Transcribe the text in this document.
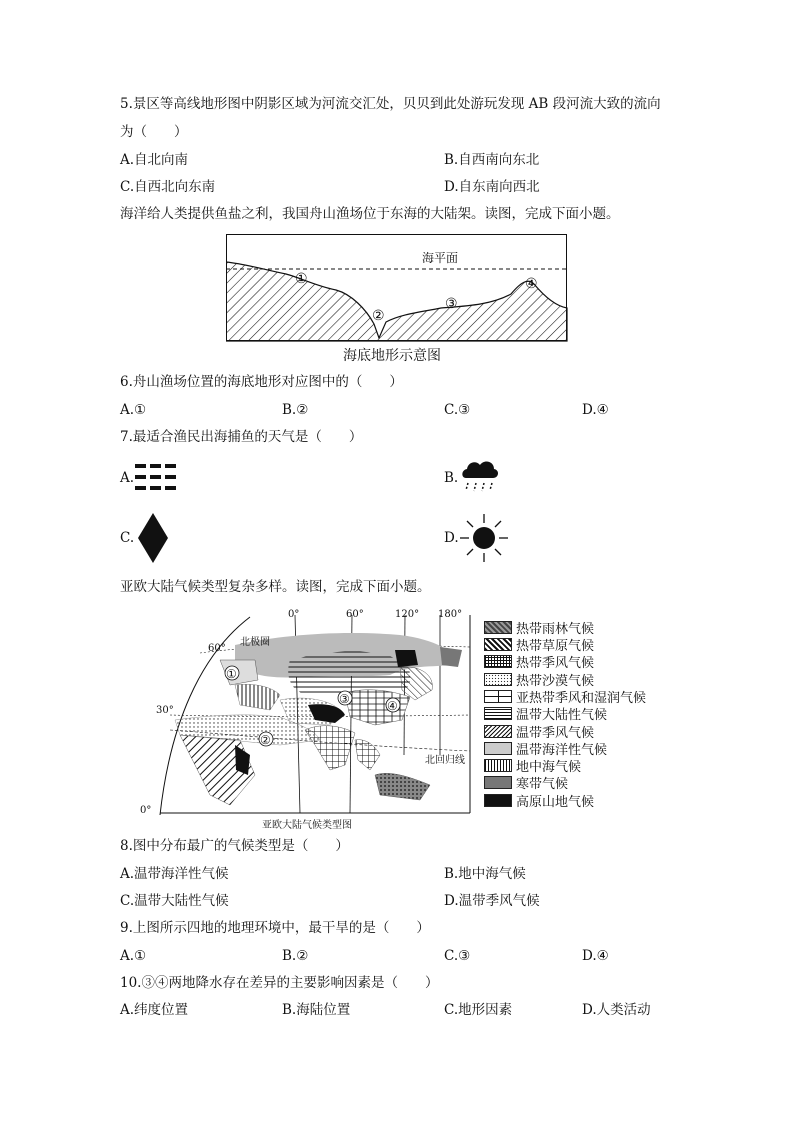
5.景区等高线地形图中阴影区域为河流交汇处，贝贝到此处游玩发现 AB 段河流大致的流向
为（　　）
A.自北向南	B.自西南向东北
C.自西北向东南	D.自东南向西北
海洋给人类提供鱼盐之利，我国舟山渔场位于东海的大陆架。读图，完成下面小题。
海平面
①
②
③
④
海底地形示意图
6.舟山渔场位置的海底地形对应图中的（　　）
A.①	B.②	C.③	D.④
7.最适合渔民出海捕鱼的天气是（　　）
A.	B.
C.	D.
亚欧大陆气候类型复杂多样。读图，完成下面小题。
0°	60°	120° 180°
60°
30°
0°
北极圈
北回归线
①
②
③	④
亚欧大陆气候类型图
热带雨林气候
热带草原气候
热带季风气候
热带沙漠气候
亚热带季风和湿润气候
温带大陆性气候
温带季风气候
温带海洋性气候
地中海气候
寒带气候
高原山地气候
8.图中分布最广的气候类型是（　　）
A.温带海洋性气候	B.地中海气候
C.温带大陆性气候	D.温带季风气候
9.上图所示四地的地理环境中，最干旱的是（　　）
A.①	B.②	C.③	D.④
10.③④两地降水存在差异的主要影响因素是（　　）
A.纬度位置	B.海陆位置	C.地形因素	D.人类活动
